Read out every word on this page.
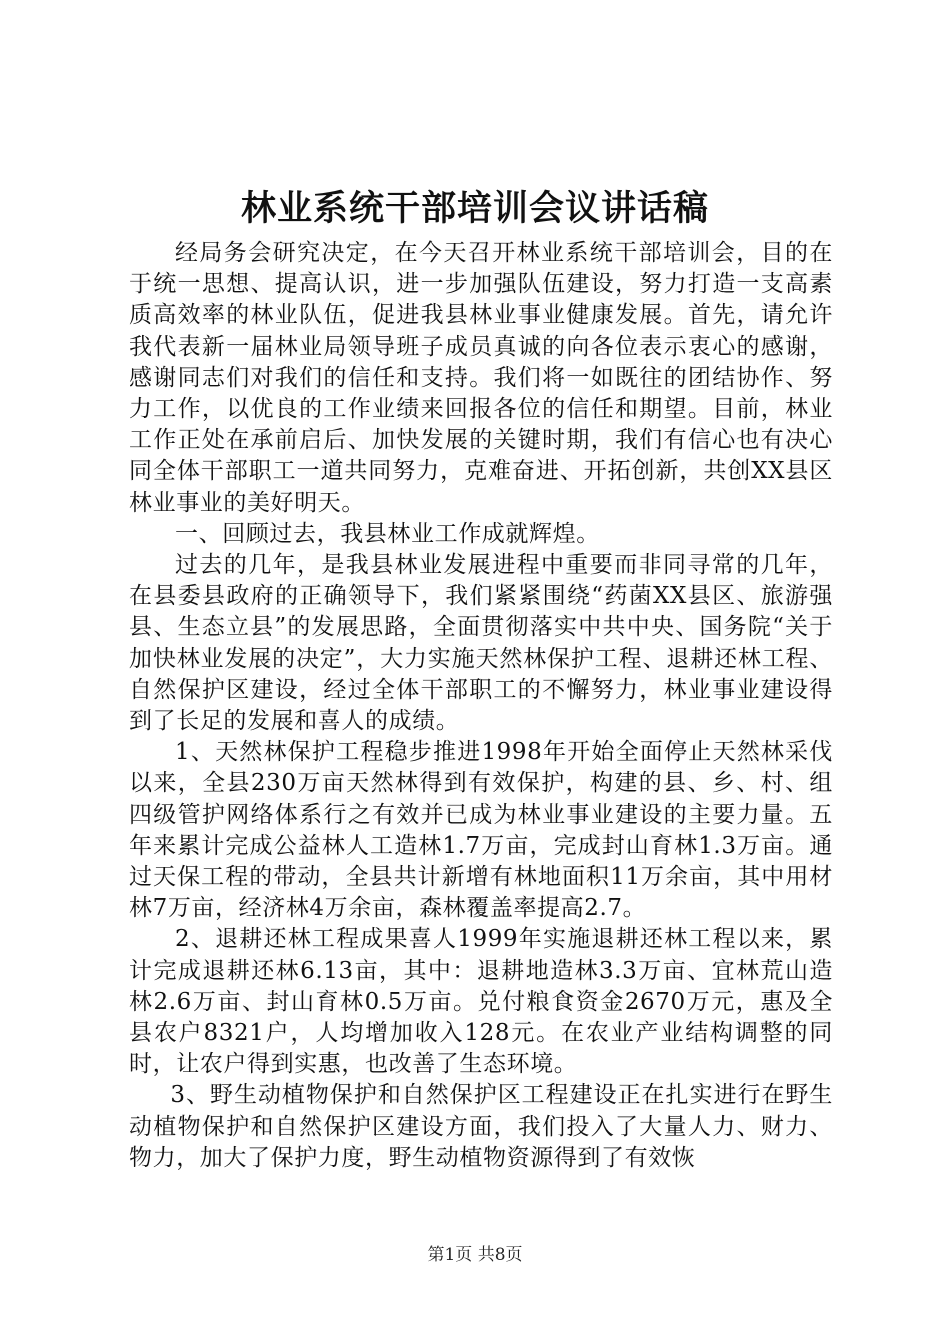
林业系统干部培训会议讲话稿

经局务会研究决定，在今天召开林业系统干部培训会，目的在于统一思想、提高认识，进一步加强队伍建设，努力打造一支高素质高效率的林业队伍，促进我县林业事业健康发展。首先，请允许我代表新一届林业局领导班子成员真诚的向各位表示衷心的感谢，感谢同志们对我们的信任和支持。我们将一如既往的团结协作、努力工作，以优良的工作业绩来回报各位的信任和期望。目前，林业工作正处在承前启后、加快发展的关键时期，我们有信心也有决心同全体干部职工一道共同努力，克难奋进、开拓创新，共创XX县区林业事业的美好明天。

一、回顾过去，我县林业工作成就辉煌。

过去的几年，是我县林业发展进程中重要而非同寻常的几年，在县委县政府的正确领导下，我们紧紧围绕“药菌XX县区、旅游强县、生态立县”的发展思路，全面贯彻落实中共中央、国务院“关于加快林业发展的决定”，大力实施天然林保护工程、退耕还林工程、自然保护区建设，经过全体干部职工的不懈努力，林业事业建设得到了长足的发展和喜人的成绩。

1、天然林保护工程稳步推进1998年开始全面停止天然林采伐以来，全县230万亩天然林得到有效保护，构建的县、乡、村、组四级管护网络体系行之有效并已成为林业事业建设的主要力量。五年来累计完成公益林人工造林1.7万亩，完成封山育林1.3万亩。通过天保工程的带动，全县共计新增有林地面积11万余亩，其中用材林7万亩，经济林4万余亩，森林覆盖率提高2.7。

2、退耕还林工程成果喜人1999年实施退耕还林工程以来，累计完成退耕还林6.13亩，其中：退耕地造林3.3万亩、宜林荒山造林2.6万亩、封山育林0.5万亩。兑付粮食资金2670万元，惠及全县农户8321户，人均增加收入128元。在农业产业结构调整的同时，让农户得到实惠，也改善了生态环境。

3、野生动植物保护和自然保护区工程建设正在扎实进行在野生动植物保护和自然保护区建设方面，我们投入了大量人力、财力、物力，加大了保护力度，野生动植物资源得到了有效恢

第1页 共8页
